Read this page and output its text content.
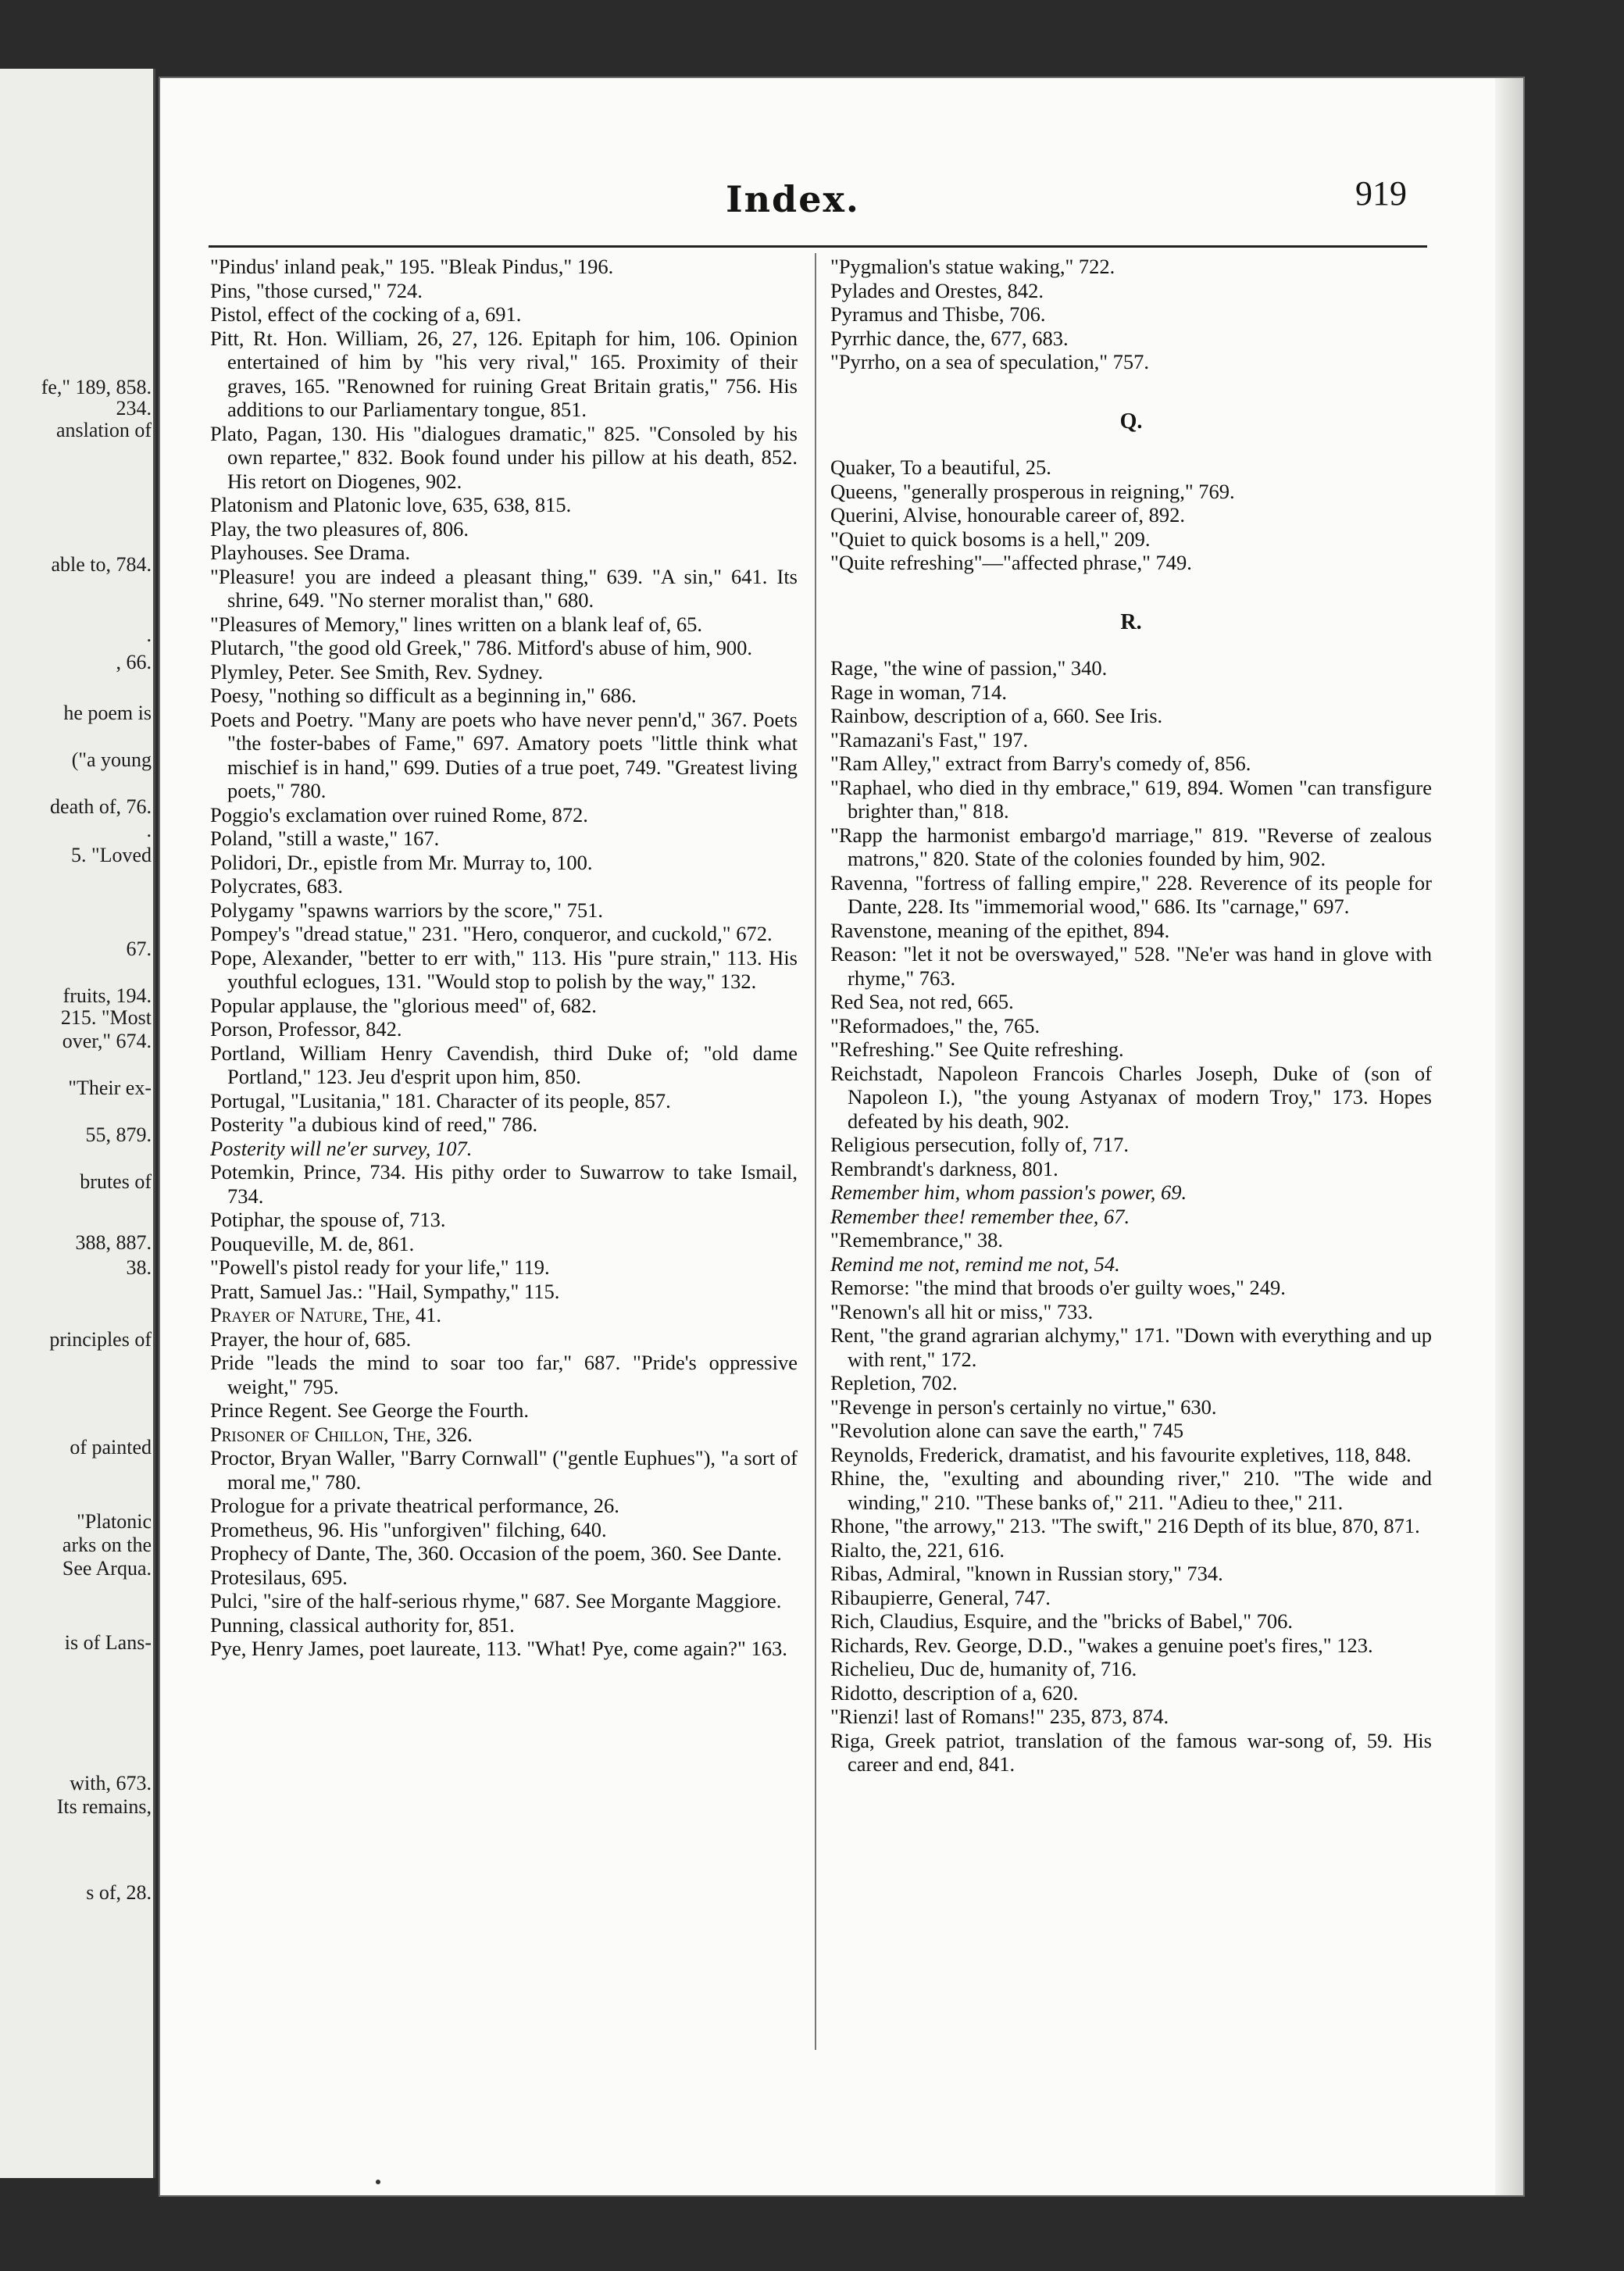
fe," 189, 858.
234.
anslation of
able to, 784.
.
, 66.
he poem is
("a young
death of, 76.
.
5. "Loved
67.
fruits, 194.
215. "Most
over," 674.
"Their ex-
55, 879.
brutes of
388, 887.
38.
principles of
of painted
"Platonic
arks on the
See Arqua.
is of Lans-
with, 673.
Its remains,
s of, 28.
Index.	919

"Pindus' inland peak," 195. "Bleak Pindus," 196.

Pins, "those cursed," 724.

Pistol, effect of the cocking of a, 691.

Pitt, Rt. Hon. William, 26, 27, 126. Epitaph for him, 106. Opinion entertained of him by "his very rival," 165. Proximity of their graves, 165. "Renowned for ruining Great Britain gratis," 756. His additions to our Parliamentary tongue, 851.

Plato, Pagan, 130. His "dialogues dramatic," 825. "Consoled by his own repartee," 832. Book found under his pillow at his death, 852. His retort on Diogenes, 902.

Platonism and Platonic love, 635, 638, 815.

Play, the two pleasures of, 806.

Playhouses. See Drama.

"Pleasure! you are indeed a pleasant thing," 639. "A sin," 641. Its shrine, 649. "No sterner moralist than," 680.

"Pleasures of Memory," lines written on a blank leaf of, 65.

Plutarch, "the good old Greek," 786. Mitford's abuse of him, 900.

Plymley, Peter. See Smith, Rev. Sydney.

Poesy, "nothing so difficult as a beginning in," 686.

Poets and Poetry. "Many are poets who have never penn'd," 367. Poets "the foster-babes of Fame," 697. Amatory poets "little think what mischief is in hand," 699. Duties of a true poet, 749. "Greatest living poets," 780.

Poggio's exclamation over ruined Rome, 872.

Poland, "still a waste," 167.

Polidori, Dr., epistle from Mr. Murray to, 100.

Polycrates, 683.

Polygamy "spawns warriors by the score," 751.

Pompey's "dread statue," 231. "Hero, conqueror, and cuckold," 672.

Pope, Alexander, "better to err with," 113. His "pure strain," 113. His youthful eclogues, 131. "Would stop to polish by the way," 132.

Popular applause, the "glorious meed" of, 682.

Porson, Professor, 842.

Portland, William Henry Cavendish, third Duke of; "old dame Portland," 123. Jeu d'esprit upon him, 850.

Portugal, "Lusitania," 181. Character of its people, 857.

Posterity "a dubious kind of reed," 786.

Posterity will ne'er survey, 107.

Potemkin, Prince, 734. His pithy order to Suwarrow to take Ismail, 734.

Potiphar, the spouse of, 713.

Pouqueville, M. de, 861.

"Powell's pistol ready for your life," 119.

Pratt, Samuel Jas.: "Hail, Sympathy," 115.

Prayer of Nature, The, 41.

Prayer, the hour of, 685.

Pride "leads the mind to soar too far," 687. "Pride's oppressive weight," 795.

Prince Regent. See George the Fourth.

Prisoner of Chillon, The, 326.

Proctor, Bryan Waller, "Barry Cornwall" ("gentle Euphues"), "a sort of moral me," 780.

Prologue for a private theatrical performance, 26.

Prometheus, 96. His "unforgiven" filching, 640.

Prophecy of Dante, The, 360. Occasion of the poem, 360. See Dante.

Protesilaus, 695.

Pulci, "sire of the half-serious rhyme," 687. See Morgante Maggiore.

Punning, classical authority for, 851.

Pye, Henry James, poet laureate, 113. "What! Pye, come again?" 163.

"Pygmalion's statue waking," 722.

Pylades and Orestes, 842.

Pyramus and Thisbe, 706.

Pyrrhic dance, the, 677, 683.

"Pyrrho, on a sea of speculation," 757.

Q.

Quaker, To a beautiful, 25.

Queens, "generally prosperous in reigning," 769.

Querini, Alvise, honourable career of, 892.

"Quiet to quick bosoms is a hell," 209.

"Quite refreshing"—"affected phrase," 749.

R.

Rage, "the wine of passion," 340.

Rage in woman, 714.

Rainbow, description of a, 660. See Iris.

"Ramazani's Fast," 197.

"Ram Alley," extract from Barry's comedy of, 856.

"Raphael, who died in thy embrace," 619, 894. Women "can transfigure brighter than," 818.

"Rapp the harmonist embargo'd marriage," 819. "Reverse of zealous matrons," 820. State of the colonies founded by him, 902.

Ravenna, "fortress of falling empire," 228. Reverence of its people for Dante, 228. Its "immemorial wood," 686. Its "carnage," 697.

Ravenstone, meaning of the epithet, 894.

Reason: "let it not be overswayed," 528. "Ne'er was hand in glove with rhyme," 763.

Red Sea, not red, 665.

"Reformadoes," the, 765.

"Refreshing." See Quite refreshing.

Reichstadt, Napoleon Francois Charles Joseph, Duke of (son of Napoleon I.), "the young Astyanax of modern Troy," 173. Hopes defeated by his death, 902.

Religious persecution, folly of, 717.

Rembrandt's darkness, 801.

Remember him, whom passion's power, 69.

Remember thee! remember thee, 67.

"Remembrance," 38.

Remind me not, remind me not, 54.

Remorse: "the mind that broods o'er guilty woes," 249.

"Renown's all hit or miss," 733.

Rent, "the grand agrarian alchymy," 171. "Down with everything and up with rent," 172.

Repletion, 702.

"Revenge in person's certainly no virtue," 630.

"Revolution alone can save the earth," 745

Reynolds, Frederick, dramatist, and his favourite expletives, 118, 848.

Rhine, the, "exulting and abounding river," 210. "The wide and winding," 210. "These banks of," 211. "Adieu to thee," 211.

Rhone, "the arrowy," 213. "The swift," 216 Depth of its blue, 870, 871.

Rialto, the, 221, 616.

Ribas, Admiral, "known in Russian story," 734.

Ribaupierre, General, 747.

Rich, Claudius, Esquire, and the "bricks of Babel," 706.

Richards, Rev. George, D.D., "wakes a genuine poet's fires," 123.

Richelieu, Duc de, humanity of, 716.

Ridotto, description of a, 620.

"Rienzi! last of Romans!" 235, 873, 874.

Riga, Greek patriot, translation of the famous war-song of, 59. His career and end, 841.
